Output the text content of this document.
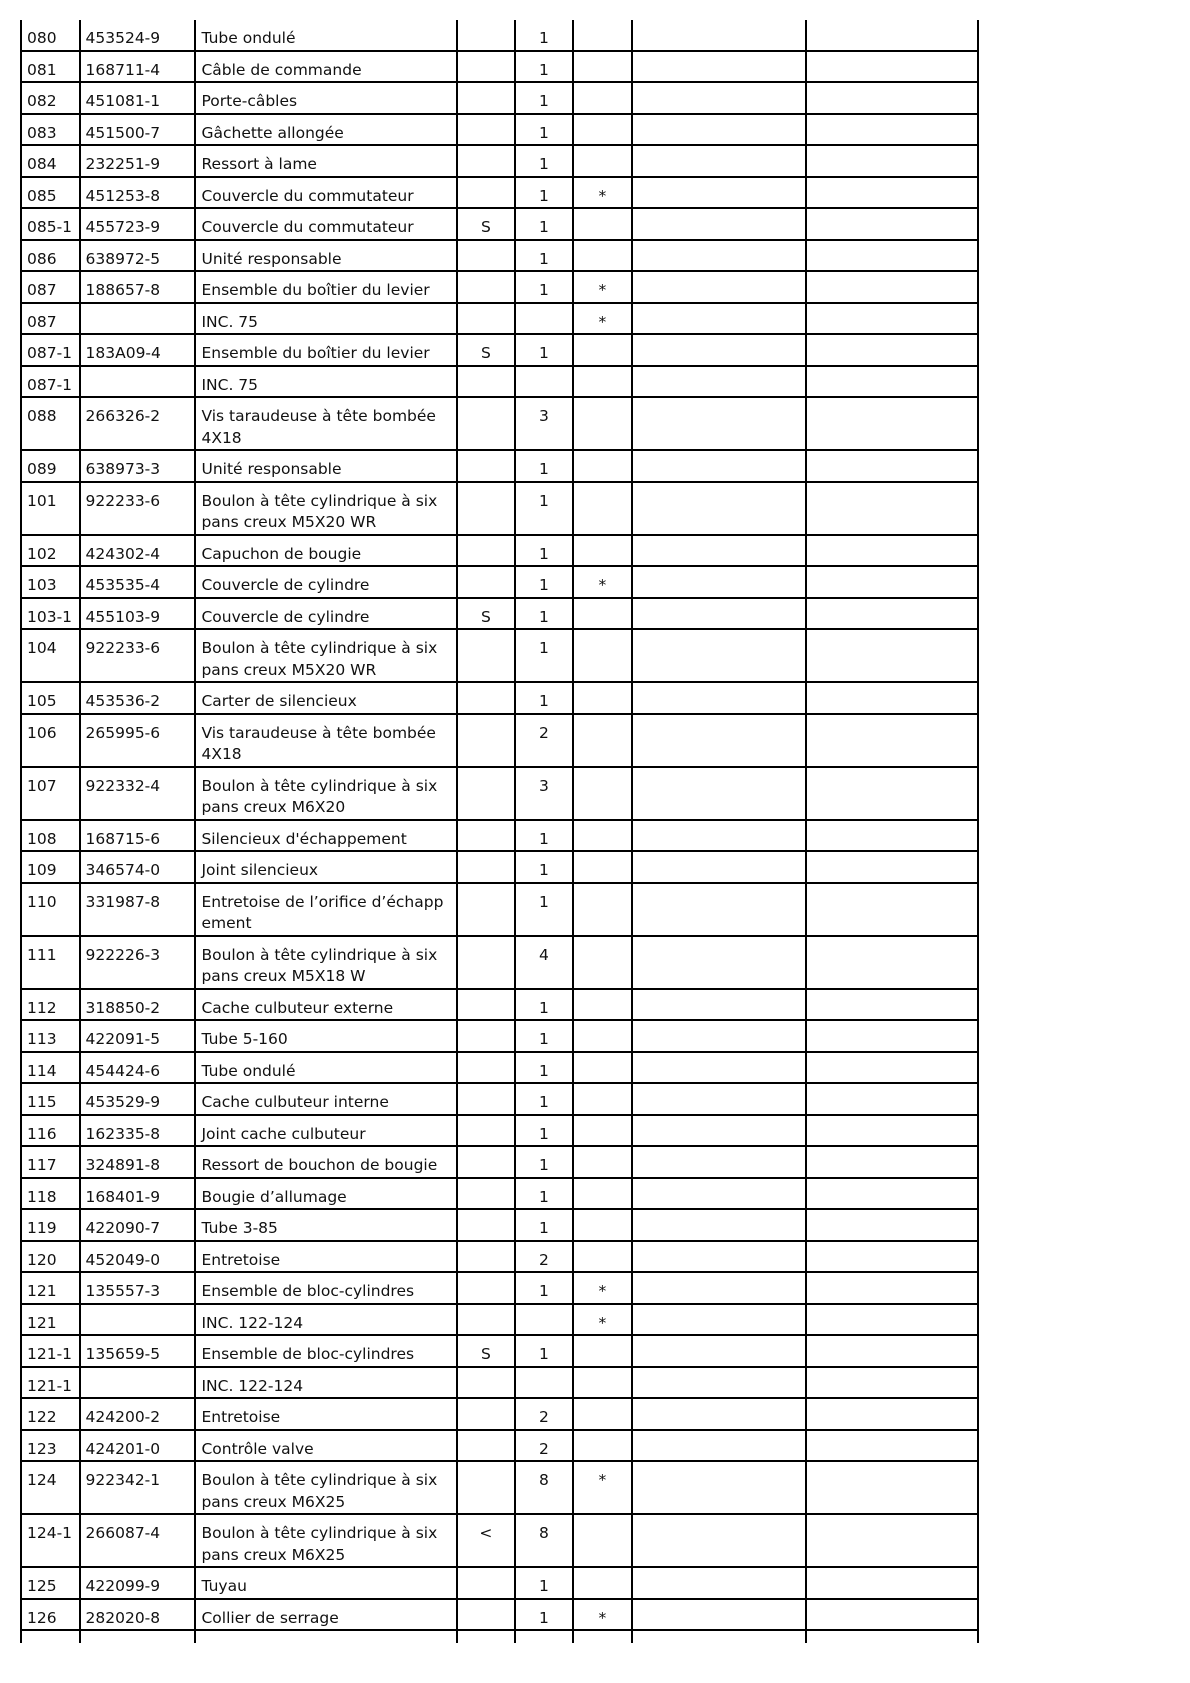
080	453524-9	Tube ondulé		1			
081	168711-4	Câble de commande		1			
082	451081-1	Porte-câbles		1			
083	451500-7	Gâchette allongée		1			
084	232251-9	Ressort à lame		1			
085	451253-8	Couvercle du commutateur		1	*		
085-1	455723-9	Couvercle du commutateur	S	1			
086	638972-5	Unité responsable		1			
087	188657-8	Ensemble du boîtier du levier		1	*		
087		INC. 75			*		
087-1	183A09-4	Ensemble du boîtier du levier	S	1			
087-1		INC. 75					
088	266326-2	Vis taraudeuse à tête bombée 4X18		3			
089	638973-3	Unité responsable		1			
101	922233-6	Boulon à tête cylindrique à six pans creux M5X20 WR		1			
102	424302-4	Capuchon de bougie		1			
103	453535-4	Couvercle de cylindre		1	*		
103-1	455103-9	Couvercle de cylindre	S	1			
104	922233-6	Boulon à tête cylindrique à six pans creux M5X20 WR		1			
105	453536-2	Carter de silencieux		1			
106	265995-6	Vis taraudeuse à tête bombée 4X18		2			
107	922332-4	Boulon à tête cylindrique à six pans creux M6X20		3			
108	168715-6	Silencieux d'échappement		1			
109	346574-0	Joint silencieux		1			
110	331987-8	Entretoise de l’orifice d’échappement		1			
111	922226-3	Boulon à tête cylindrique à six pans creux M5X18 W		4			
112	318850-2	Cache culbuteur externe		1			
113	422091-5	Tube 5-160		1			
114	454424-6	Tube ondulé		1			
115	453529-9	Cache culbuteur interne		1			
116	162335-8	Joint cache culbuteur		1			
117	324891-8	Ressort de bouchon de bougie		1			
118	168401-9	Bougie d’allumage		1			
119	422090-7	Tube 3-85		1			
120	452049-0	Entretoise		2			
121	135557-3	Ensemble de bloc-cylindres		1	*		
121		INC. 122-124			*		
121-1	135659-5	Ensemble de bloc-cylindres	S	1			
121-1		INC. 122-124					
122	424200-2	Entretoise		2			
123	424201-0	Contrôle valve		2			
124	922342-1	Boulon à tête cylindrique à six pans creux M6X25		8	*		
124-1	266087-4	Boulon à tête cylindrique à six pans creux M6X25	<	8			
125	422099-9	Tuyau		1			
126	282020-8	Collier de serrage		1	*		
